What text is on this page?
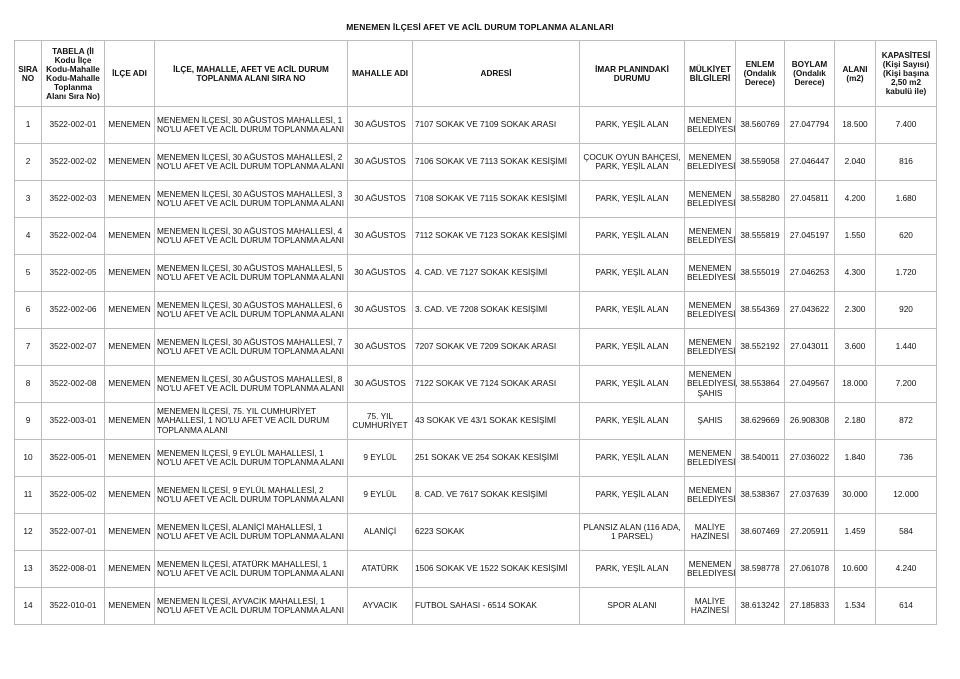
MENEMEN İLÇESİ AFET VE ACİL DURUM TOPLANMA ALANLARI
SIRA NO	TABELA (İl Kodu İlçe Kodu-Mahalle Kodu-Mahalle Toplanma Alanı Sıra No)	İLÇE ADI	İLÇE, MAHALLE, AFET VE ACİL DURUM TOPLANMA ALANI SIRA NO	MAHALLE ADI	ADRESİ	İMAR PLANINDAKİ DURUMU	MÜLKİYET BİLGİLERİ	ENLEM (Ondalık Derece)	BOYLAM (Ondalık Derece)	ALANI (m2)	KAPASİTESİ (Kişi Sayısı) (Kişi başına 2,50 m2 kabulü ile)
1	3522-002-01	MENEMEN	MENEMEN İLÇESİ, 30 AĞUSTOS MAHALLESİ, 1 NO'LU AFET VE ACİL DURUM TOPLANMA ALANI	30 AĞUSTOS	7107 SOKAK VE 7109 SOKAK ARASI	PARK, YEŞİL ALAN	MENEMEN BELEDİYESİ	38.560769	27.047794	18.500	7.400
2	3522-002-02	MENEMEN	MENEMEN İLÇESİ, 30 AĞUSTOS MAHALLESİ, 2 NO'LU AFET VE ACİL DURUM TOPLANMA ALANI	30 AĞUSTOS	7106 SOKAK VE 7113 SOKAK KESİŞİMİ	ÇOCUK OYUN BAHÇESİ, PARK, YEŞİL ALAN	MENEMEN BELEDİYESİ	38.559058	27.046447	2.040	816
3	3522-002-03	MENEMEN	MENEMEN İLÇESİ, 30 AĞUSTOS MAHALLESİ, 3 NO'LU AFET VE ACİL DURUM TOPLANMA ALANI	30 AĞUSTOS	7108 SOKAK VE 7115 SOKAK KESİŞİMİ	PARK, YEŞİL ALAN	MENEMEN BELEDİYESİ	38.558280	27.045811	4.200	1.680
4	3522-002-04	MENEMEN	MENEMEN İLÇESİ, 30 AĞUSTOS MAHALLESİ, 4 NO'LU AFET VE ACİL DURUM TOPLANMA ALANI	30 AĞUSTOS	7112 SOKAK VE 7123 SOKAK KESİŞİMİ	PARK, YEŞİL ALAN	MENEMEN BELEDİYESİ	38.555819	27.045197	1.550	620
5	3522-002-05	MENEMEN	MENEMEN İLÇESİ, 30 AĞUSTOS MAHALLESİ, 5 NO'LU AFET VE ACİL DURUM TOPLANMA ALANI	30 AĞUSTOS	4. CAD. VE 7127 SOKAK KESİŞİMİ	PARK, YEŞİL ALAN	MENEMEN BELEDİYESİ	38.555019	27.046253	4.300	1.720
6	3522-002-06	MENEMEN	MENEMEN İLÇESİ, 30 AĞUSTOS MAHALLESİ, 6 NO'LU AFET VE ACİL DURUM TOPLANMA ALANI	30 AĞUSTOS	3. CAD. VE 7208 SOKAK KESİŞİMİ	PARK, YEŞİL ALAN	MENEMEN BELEDİYESİ	38.554369	27.043622	2.300	920
7	3522-002-07	MENEMEN	MENEMEN İLÇESİ, 30 AĞUSTOS MAHALLESİ, 7 NO'LU AFET VE ACİL DURUM TOPLANMA ALANI	30 AĞUSTOS	7207 SOKAK VE 7209 SOKAK ARASI	PARK, YEŞİL ALAN	MENEMEN BELEDİYESİ	38.552192	27.043011	3.600	1.440
8	3522-002-08	MENEMEN	MENEMEN İLÇESİ, 30 AĞUSTOS MAHALLESİ, 8 NO'LU AFET VE ACİL DURUM TOPLANMA ALANI	30 AĞUSTOS	7122 SOKAK VE 7124 SOKAK ARASI	PARK, YEŞİL ALAN	MENEMEN BELEDİYESİ, ŞAHIS	38.553864	27.049567	18.000	7.200
9	3522-003-01	MENEMEN	MENEMEN İLÇESİ, 75. YIL CUMHURİYET MAHALLESİ, 1 NO'LU AFET VE ACİL DURUM TOPLANMA ALANI	75. YIL CUMHURİYET	43 SOKAK VE 43/1 SOKAK KESİŞİMİ	PARK, YEŞİL ALAN	ŞAHIS	38.629669	26.908308	2.180	872
10	3522-005-01	MENEMEN	MENEMEN İLÇESİ, 9 EYLÜL MAHALLESİ, 1 NO'LU AFET VE ACİL DURUM TOPLANMA ALANI	9 EYLÜL	251 SOKAK VE 254 SOKAK KESİŞİMİ	PARK, YEŞİL ALAN	MENEMEN BELEDİYESİ	38.540011	27.036022	1.840	736
11	3522-005-02	MENEMEN	MENEMEN İLÇESİ, 9 EYLÜL MAHALLESİ, 2 NO'LU AFET VE ACİL DURUM TOPLANMA ALANI	9 EYLÜL	8. CAD. VE 7617 SOKAK KESİŞİMİ	PARK, YEŞİL ALAN	MENEMEN BELEDİYESİ	38.538367	27.037639	30.000	12.000
12	3522-007-01	MENEMEN	MENEMEN İLÇESİ, ALANİÇİ MAHALLESİ, 1 NO'LU AFET VE ACİL DURUM TOPLANMA ALANI	ALANİÇİ	6223 SOKAK	PLANSIZ ALAN (116 ADA, 1 PARSEL)	MALİYE HAZİNESİ	38.607469	27.205911	1.459	584
13	3522-008-01	MENEMEN	MENEMEN İLÇESİ, ATATÜRK MAHALLESİ, 1 NO'LU AFET VE ACİL DURUM TOPLANMA ALANI	ATATÜRK	1506 SOKAK VE 1522 SOKAK KESİŞİMİ	PARK, YEŞİL ALAN	MENEMEN BELEDİYESİ	38.598778	27.061078	10.600	4.240
14	3522-010-01	MENEMEN	MENEMEN İLÇESİ, AYVACIK MAHALLESİ, 1 NO'LU AFET VE ACİL DURUM TOPLANMA ALANI	AYVACIK	FUTBOL SAHASI - 6514 SOKAK	SPOR ALANI	MALİYE HAZİNESİ	38.613242	27.185833	1.534	614
